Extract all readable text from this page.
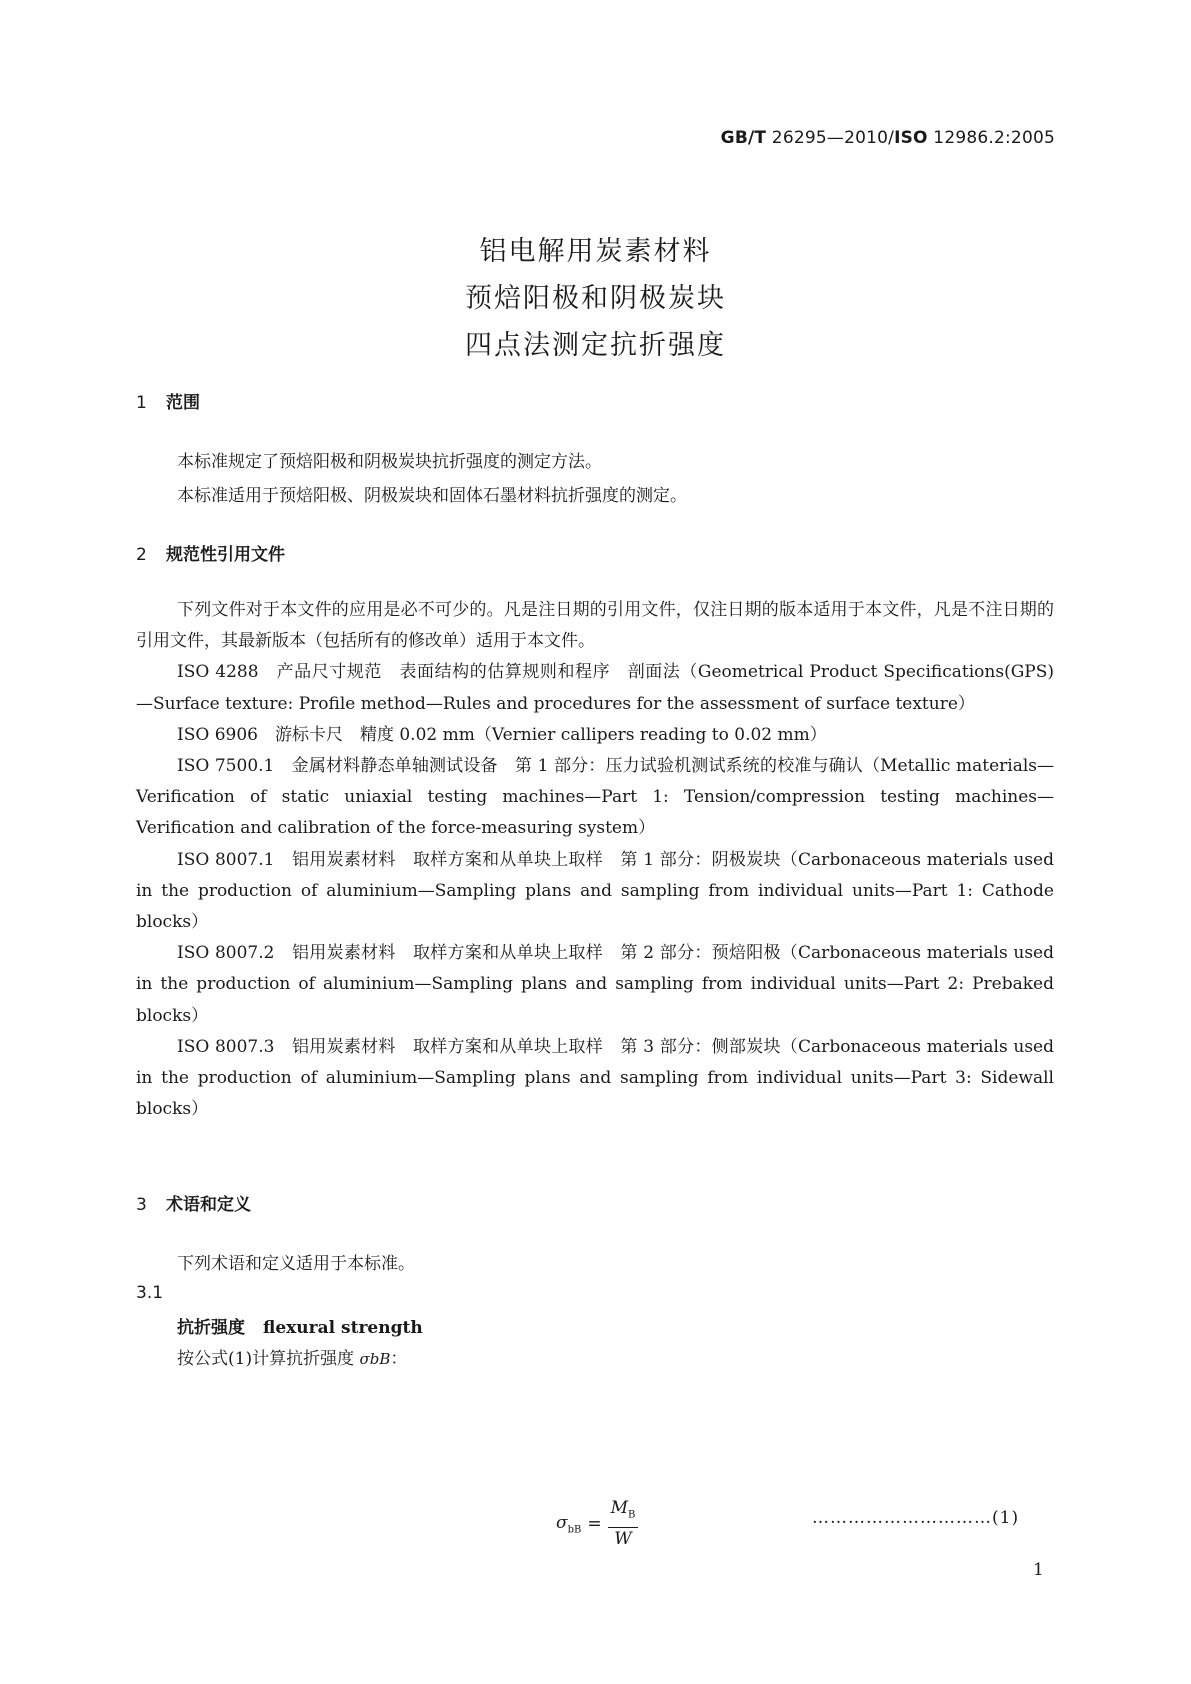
GB/T 26295—2010/ISO 12986.2:2005
铝电解用炭素材料
预焙阳极和阴极炭块
四点法测定抗折强度
1 范围

本标准规定了预焙阳极和阴极炭块抗折强度的测定方法。

本标准适用于预焙阳极、阴极炭块和固体石墨材料抗折强度的测定。

2 规范性引用文件

下列文件对于本文件的应用是必不可少的。凡是注日期的引用文件，仅注日期的版本适用于本文件，凡是不注日期的引用文件，其最新版本（包括所有的修改单）适用于本文件。

ISO 4288　产品尺寸规范　表面结构的估算规则和程序　剖面法（Geometrical Product Specifications(GPS)—Surface texture: Profile method—Rules and procedures for the assessment of surface texture）

ISO 6906　游标卡尺　精度 0.02 mm（Vernier callipers reading to 0.02 mm）

ISO 7500.1　金属材料静态单轴测试设备　第 1 部分：压力试验机测试系统的校准与确认（Metallic materials—Verification of static uniaxial testing machines—Part 1: Tension/compression testing machines—Verification and calibration of the force-measuring system）

ISO 8007.1　铝用炭素材料　取样方案和从单块上取样　第 1 部分：阴极炭块（Carbonaceous materials used in the production of aluminium—Sampling plans and sampling from individual units—Part 1: Cathode blocks）

ISO 8007.2　铝用炭素材料　取样方案和从单块上取样　第 2 部分：预焙阳极（Carbonaceous materials used in the production of aluminium—Sampling plans and sampling from individual units—Part 2: Prebaked blocks）

ISO 8007.3　铝用炭素材料　取样方案和从单块上取样　第 3 部分：侧部炭块（Carbonaceous materials used in the production of aluminium—Sampling plans and sampling from individual units—Part 3: Sidewall blocks）

3 术语和定义

下列术语和定义适用于本标准。

3.1
抗折强度 flexural strength
按公式(1)计算抗折强度 σbB：
$\sigma_{bB} = \frac{M_B}{W}$	…………………………(1)
1
